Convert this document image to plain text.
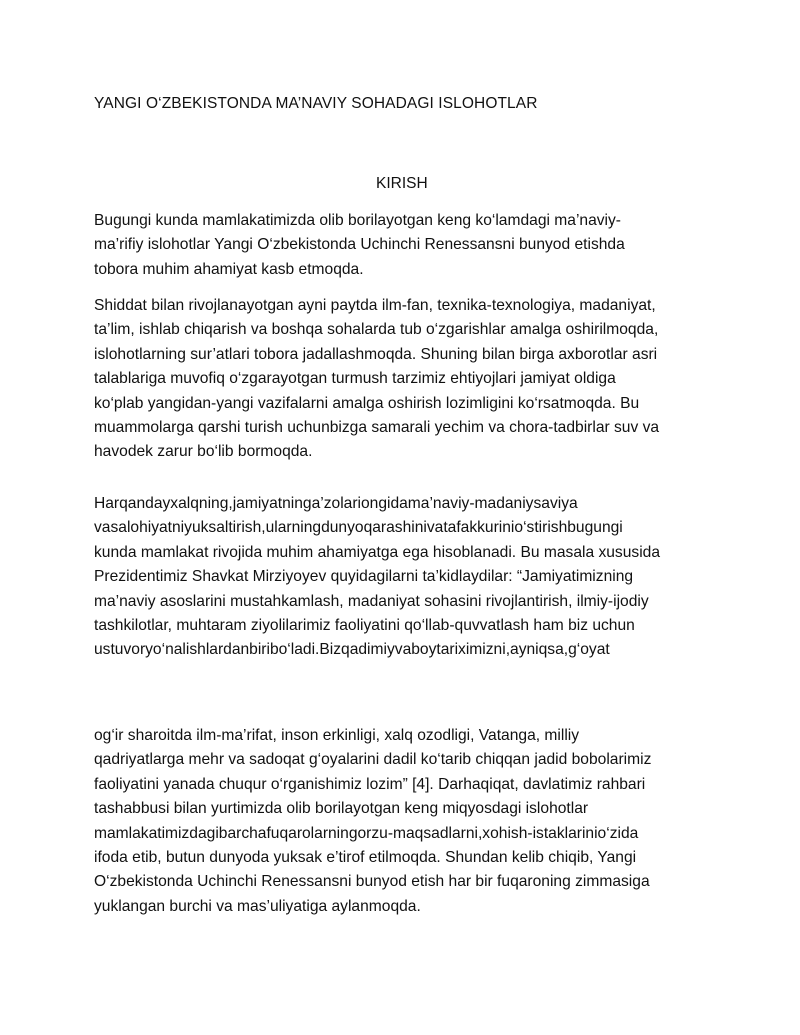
YANGI O‘ZBEKISTONDA MA’NAVIY SOHADAGI ISLOHOTLAR
KIRISH
Bugungi kunda mamlakatimizda olib borilayotgan keng ko‘lamdagi ma’naviy-
ma’rifiy islohotlar Yangi O‘zbekistonda Uchinchi Renessansni bunyod etishda
tobora muhim ahamiyat kasb etmoqda.
Shiddat bilan rivojlanayotgan ayni paytda ilm-fan, texnika-texnologiya, madaniyat,
ta’lim, ishlab chiqarish va boshqa sohalarda tub o‘zgarishlar amalga oshirilmoqda,
islohotlarning sur’atlari tobora jadallashmoqda. Shuning bilan birga axborotlar asri
talablariga muvofiq o‘zgarayotgan turmush tarzimiz ehtiyojlari jamiyat oldiga
ko‘plab yangidan-yangi vazifalarni amalga oshirish lozimligini ko‘rsatmoqda. Bu
muammolarga qarshi turish uchunbizga samarali yechim va chora-tadbirlar suv va
havodek zarur bo‘lib bormoqda.
Harqandayxalqning,jamiyatninga’zolariongidama’naviy-madaniysaviya
vasalohiyatniyuksaltirish,ularningdunyoqarashinivatafakkurinio‘stirishbugungi
kunda mamlakat rivojida muhim ahamiyatga ega hisoblanadi. Bu masala xususida
Prezidentimiz Shavkat Mirziyoyev quyidagilarni ta’kidlaydilar: “Jamiyatimizning
ma’naviy asoslarini mustahkamlash, madaniyat sohasini rivojlantirish, ilmiy-ijodiy
tashkilotlar, muhtaram ziyolilarimiz faoliyatini qo‘llab-quvvatlash ham biz uchun
ustuvoryo‘nalishlardanbiribo‘ladi.Bizqadimiyvaboytariximizni,ayniqsa,g‘oyat
og‘ir sharoitda ilm-ma’rifat, inson erkinligi, xalq ozodligi, Vatanga, milliy
qadriyatlarga mehr va sadoqat g‘oyalarini dadil ko‘tarib chiqqan jadid bobolarimiz
faoliyatini yanada chuqur o‘rganishimiz lozim” [4]. Darhaqiqat, davlatimiz rahbari
tashabbusi bilan yurtimizda olib borilayotgan keng miqyosdagi islohotlar
mamlakatimizdagibarchafuqarolarningorzu-maqsadlarni,xohish-istaklarinio‘zida
ifoda etib, butun dunyoda yuksak e’tirof etilmoqda. Shundan kelib chiqib, Yangi
O‘zbekistonda Uchinchi Renessansni bunyod etish har bir fuqaroning zimmasiga
yuklangan burchi va mas’uliyatiga aylanmoqda.
